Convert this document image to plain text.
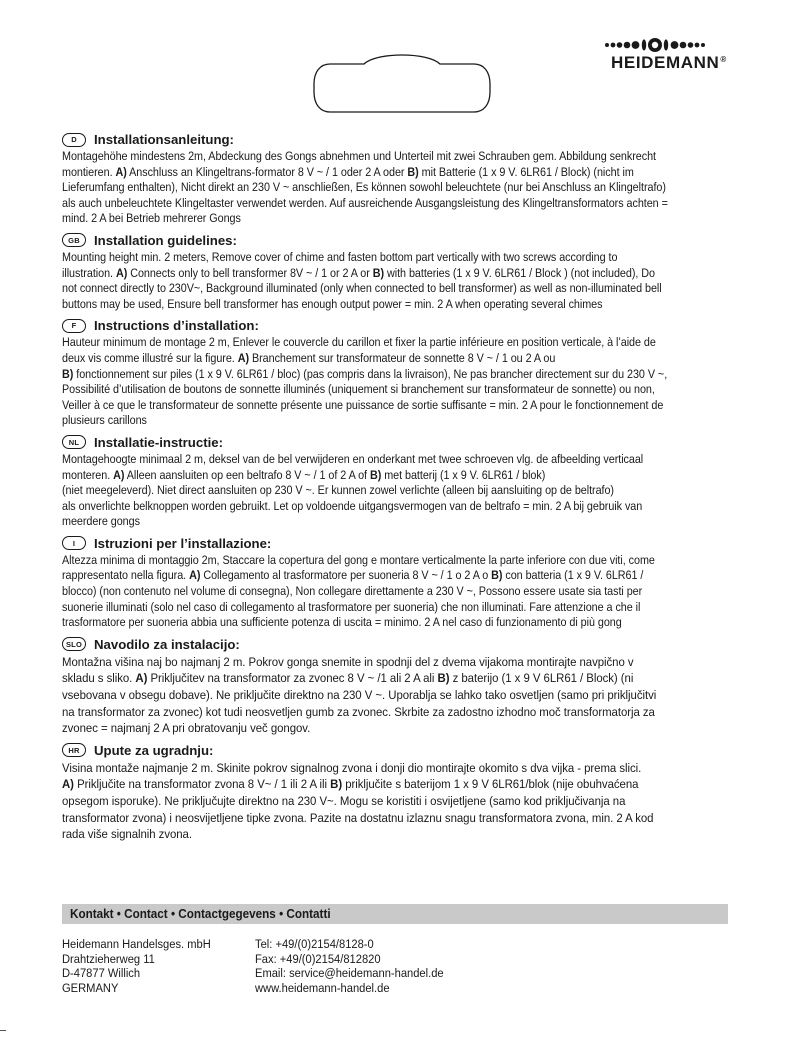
HEIDEMANN®
D	Installationsanleitung:

Montagehöhe mindestens 2m, Abdeckung des Gongs abnehmen und Unterteil mit zwei Schrauben gem. Abbildung senkrecht

montieren. A) Anschluss an Klingeltrans-formator 8 V ~ / 1 oder 2 A oder B) mit Batterie (1 x 9 V. 6LR61 / Block) (nicht im

Lieferumfang enthalten), Nicht direkt an 230 V ~ anschließen, Es können sowohl beleuchtete (nur bei Anschluss an Klingeltrafo)

als auch unbeleuchtete Klingeltaster verwendet werden. Auf ausreichende Ausgangsleistung des Klingeltransformators achten =

mind. 2 A bei Betrieb mehrerer Gongs

GB	Installation guidelines:

Mounting height min. 2 meters, Remove cover of chime and fasten bottom part vertically with two screws according to

illustration. A) Connects only to bell transformer 8V ~ / 1 or 2 A or B) with batteries (1 x 9 V. 6LR61 / Block ) (not included), Do

not connect directly to 230V~, Background illuminated (only when connected to bell transformer) as well as non-illuminated bell

buttons may be used, Ensure bell transformer has enough output power = min. 2 A when operating several chimes

F	Instructions d’installation:

Hauteur minimum de montage 2 m, Enlever le couvercle du carillon et fixer la partie inférieure en position verticale, à l’aide de

deux vis comme illustré sur la figure. A) Branchement sur transformateur de sonnette 8 V ~ / 1 ou 2 A ou

B) fonctionnement sur piles (1 x 9 V. 6LR61 / bloc) (pas compris dans la livraison), Ne pas brancher directement sur du 230 V ~,

Possibilité d’utilisation de boutons de sonnette illuminés (uniquement si branchement sur transformateur de sonnette) ou non,

Veiller à ce que le transformateur de sonnette présente une puissance de sortie suffisante = min. 2 A pour le fonctionnement de

plusieurs carillons

NL	Installatie-instructie:

Montagehoogte minimaal 2 m, deksel van de bel verwijderen en onderkant met twee schroeven vlg. de afbeelding verticaal

monteren. A) Alleen aansluiten op een beltrafo 8 V ~ / 1 of 2 A of B) met batterij (1 x 9 V. 6LR61 / blok)

(niet meegeleverd). Niet direct aansluiten op 230 V ~. Er kunnen zowel verlichte (alleen bij aansluiting op de beltrafo)

als onverlichte belknoppen worden gebruikt. Let op voldoende uitgangsvermogen van de beltrafo = min. 2 A bij gebruik van

meerdere gongs

I	Istruzioni per l’installazione:

Altezza minima di montaggio 2m, Staccare la copertura del gong e montare verticalmente la parte inferiore con due viti, come

rappresentato nella figura. A) Collegamento al trasformatore per suoneria 8 V ~ / 1 o 2 A o B) con batteria (1 x 9 V. 6LR61 /

blocco) (non contenuto nel volume di consegna), Non collegare direttamente a 230 V ~, Possono essere usate sia tasti per

suonerie illuminati (solo nel caso di collegamento al trasformatore per suoneria) che non illuminati. Fare attenzione a che il

trasformatore per suoneria abbia una sufficiente potenza di uscita = minimo. 2 A nel caso di funzionamento di più gong

SLO Navodilo za instalacijo:

Montažna višina naj bo najmanj 2 m. Pokrov gonga snemite in spodnji del z dvema vijakoma montirajte navpično v

skladu s sliko. A) Priključitev na transformator za zvonec 8 V ~ /1 ali 2 A ali B) z baterijo (1 x 9 V 6LR61 / Block) (ni

vsebovana v obsegu dobave). Ne priključite direktno na 230 V ~. Uporablja se lahko tako osvetljen (samo pri priključitvi

na transformator za zvonec) kot tudi neosvetljen gumb za zvonec. Skrbite za zadostno izhodno moč transformatorja za

zvonec = najmanj 2 A pri obratovanju več gongov.

HR	Upute za ugradnju:

Visina montaže najmanje 2 m. Skinite pokrov signalnog zvona i donji dio montirajte okomito s dva vijka - prema slici.

A) Priključite na transformator zvona 8 V~ / 1 ili 2 A ili B) priključite s baterijom 1 x 9 V 6LR61/blok (nije obuhvaćena

opsegom isporuke). Ne priključujte direktno na 230 V~. Mogu se koristiti i osvijetljene (samo kod priključivanja na

transformator zvona) i neosvijetljene tipke zvona. Pazite na dostatnu izlaznu snagu transformatora zvona, min. 2 A kod

rada više signalnih zvona.

Kontakt • Contact • Contactgegevens • Contatti
Heidemann Handelsges. mbH
Drahtzieherweg 11
D-47877 Willich
GERMANY
Tel: +49/(0)2154/8128-0
Fax: +49/(0)2154/812820
Email: service@heidemann-handel.de
www.heidemann-handel.de
